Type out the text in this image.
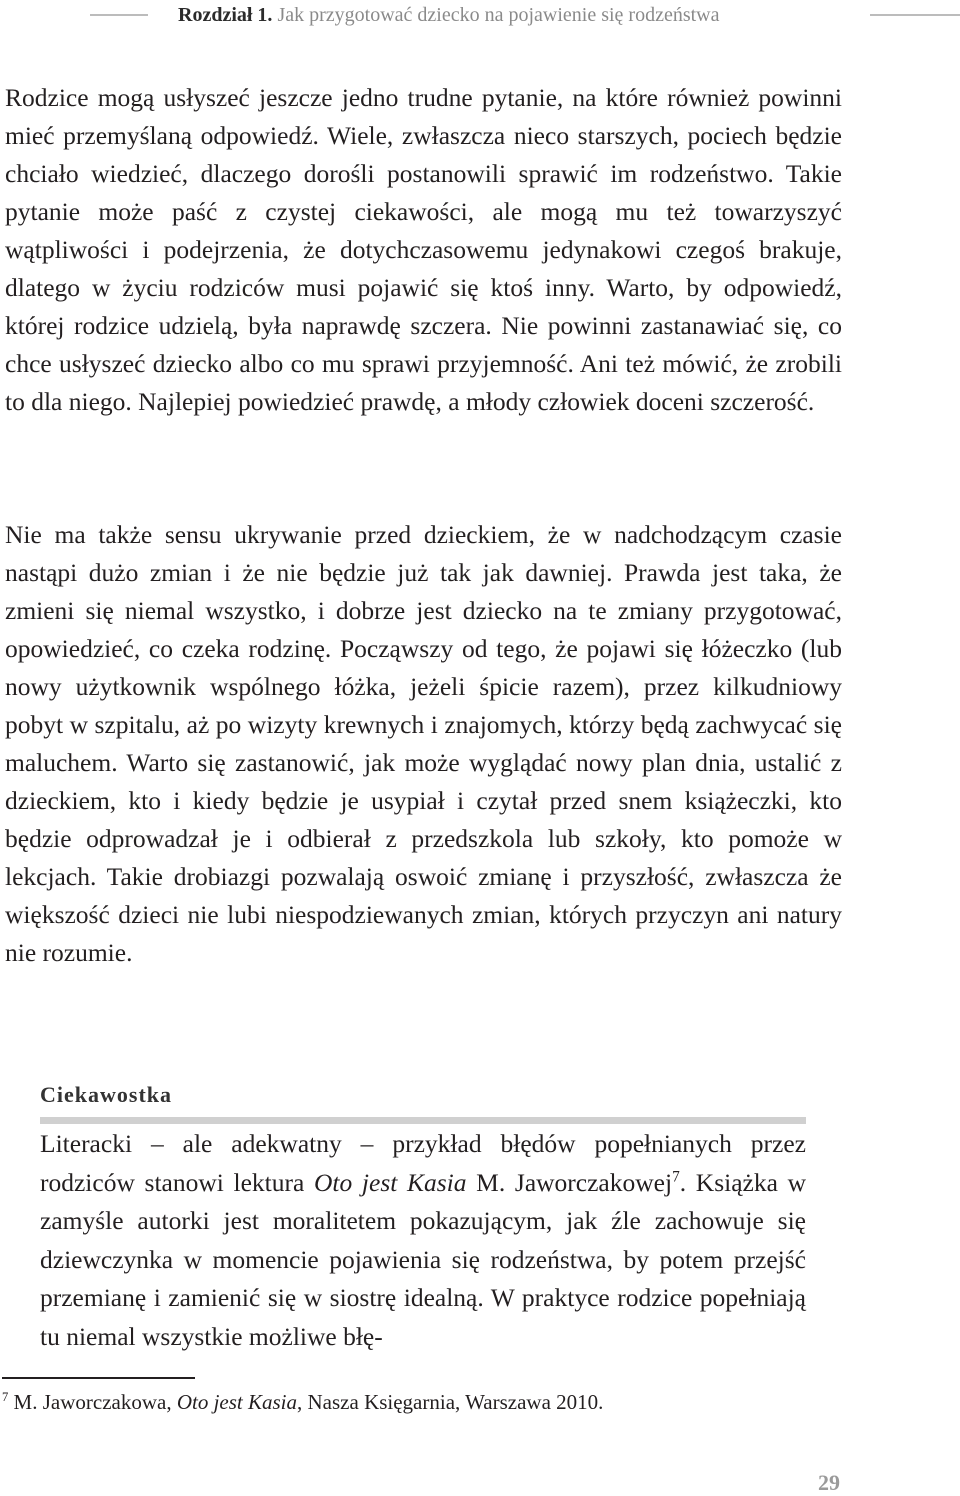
Rozdział 1. Jak przygotować dziecko na pojawienie się rodzeństwa

Rodzice mogą usłyszeć jeszcze jedno trudne pytanie, na które również powinni mieć przemyślaną odpowiedź. Wiele, zwłaszcza nieco starszych, pociech będzie chciało wiedzieć, dlaczego dorośli postanowili sprawić im rodzeństwo. Takie pytanie może paść z czystej ciekawości, ale mogą mu też towarzyszyć wątpliwości i podejrzenia, że dotychczasowemu jedynakowi czegoś brakuje, dlatego w życiu rodziców musi pojawić się ktoś inny. Warto, by odpowiedź, której rodzice udzielą, była naprawdę szczera. Nie powinni zastanawiać się, co chce usłyszeć dziecko albo co mu sprawi przyjemność. Ani też mówić, że zrobili to dla niego. Najlepiej powiedzieć prawdę, a młody człowiek doceni szczerość.

Nie ma także sensu ukrywanie przed dzieckiem, że w nadchodzącym czasie nastąpi dużo zmian i że nie będzie już tak jak dawniej. Prawda jest taka, że zmieni się niemal wszystko, i dobrze jest dziecko na te zmiany przygotować, opowiedzieć, co czeka rodzinę. Począwszy od tego, że pojawi się łóżeczko (lub nowy użytkownik wspólnego łóżka, jeżeli śpicie razem), przez kilkudniowy pobyt w szpitalu, aż po wizyty krewnych i znajomych, którzy będą zachwycać się maluchem. Warto się zastanowić, jak może wyglądać nowy plan dnia, ustalić z dzieckiem, kto i kiedy będzie je usypiał i czytał przed snem książeczki, kto będzie odprowadzał je i odbierał z przedszkola lub szkoły, kto pomoże w lekcjach. Takie drobiazgi pozwalają oswoić zmianę i przyszłość, zwłaszcza że większość dzieci nie lubi niespodziewanych zmian, których przyczyn ani natury nie rozumie.

Ciekawostka

Literacki – ale adekwatny – przykład błędów popełnianych przez rodziców stanowi lektura Oto jest Kasia M. Jaworczakowej$^7$. Książka w zamyśle autorki jest moralitetem pokazującym, jak źle zachowuje się dziewczynka w momencie pojawienia się rodzeństwa, by potem przejść przemianę i zamienić się w siostrę idealną. W praktyce rodzice popełniają tu niemal wszystkie możliwe błę-

$^7$ M. Jaworczakowa, Oto jest Kasia, Nasza Księgarnia, Warszawa 2010.

29
